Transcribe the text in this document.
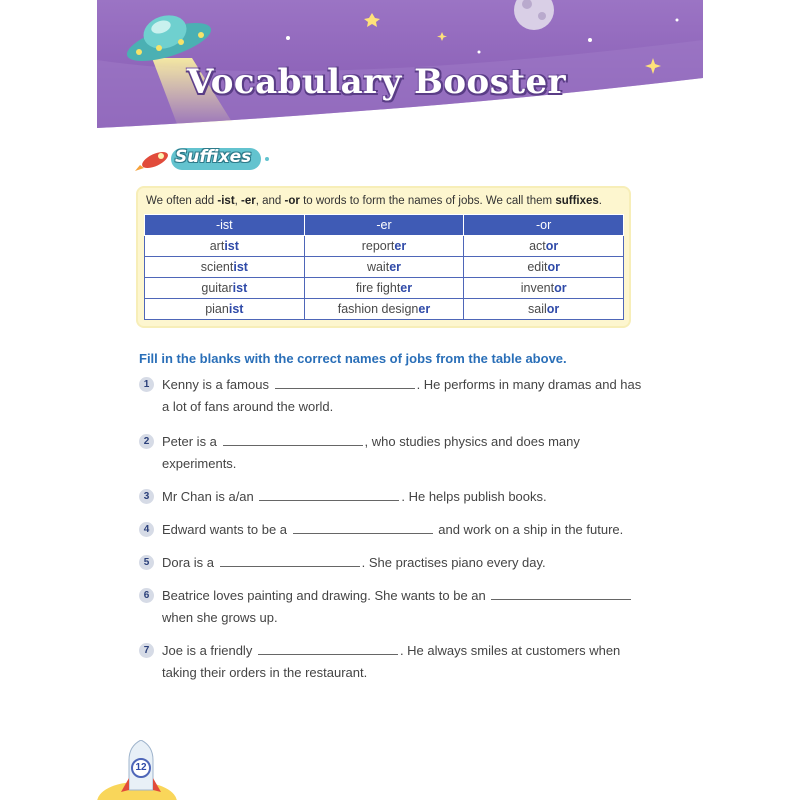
Vocabulary Booster
Suffixes
We often add -ist, -er, and -or to words to form the names of jobs. We call them suffixes.
-ist	-er	-or
artist	reporter	actor
scientist	waiter	editor
guitarist	fire fighter	inventor
pianist	fashion designer	sailor
Fill in the blanks with the correct names of jobs from the table above.
1 Kenny is a famous	. He performs in many dramas and has a lot of fans around the world.
2 Peter is a	, who studies physics and does many experiments.
3 Mr Chan is a/an	. He helps publish books.
4 Edward wants to be a	and work on a ship in the future.
5 Dora is a	. She practises piano every day.
6 Beatrice loves painting and drawing. She wants to be an  when she grows up.
7 Joe is a friendly	. He always smiles at customers when taking their orders in the restaurant.
12
